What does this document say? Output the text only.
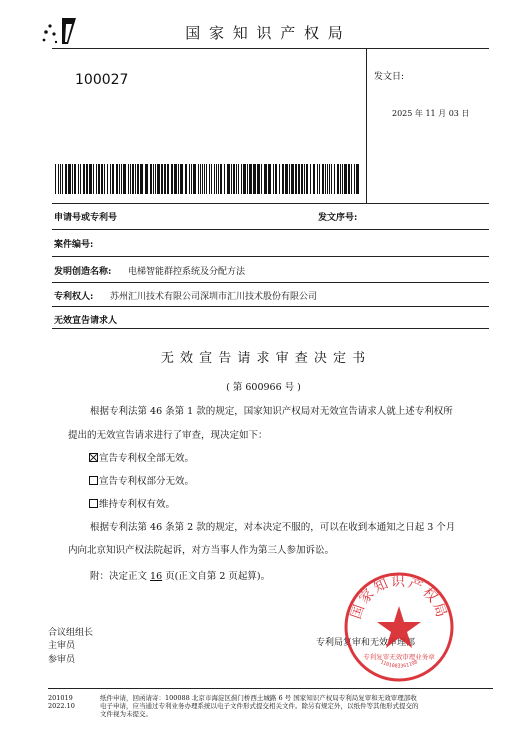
国 家 知 识 产 权 局
100027	发文日:
2025 年 11 月 03 日
申请号或专利号	发文序号:
案件编号:
发明创造名称: 电梯智能群控系统及分配方法
专利权人: 苏州汇川技术有限公司深圳市汇川技术股份有限公司
无效宣告请求人
无 效 宣 告 请 求 审 查 决 定 书
( 第 600966 号 )
根据专利法第 46 条第 1 款的规定，国家知识产权局对无效宣告请求人就上述专利权所
提出的无效宣告请求进行了审查，现决定如下：
宣告专利权全部无效。
宣告专利权部分无效。
维持专利权有效。
根据专利法第 46 条第 2 款的规定，对本决定不服的，可以在收到本通知之日起 3 个月
内向北京知识产权法院起诉，对方当事人作为第三人参加诉讼。
附：决定正文 16 页(正文自第 2 页起算)。
合议组组长
主审员
参审员
专利局复审和无效审理部
国家知识产权局
专利复审无效审理业务章
1101083361198
201019
2022.10
纸件申请，回函请寄：100088 北京市海淀区蓟门桥西土城路 6 号 国家知识产权局专利局复审和无效审理部收
电子申请，应当通过专利业务办理系统以电子文件形式提交相关文件。除另有规定外，以纸件等其他形式提交的
文件视为未提交。
